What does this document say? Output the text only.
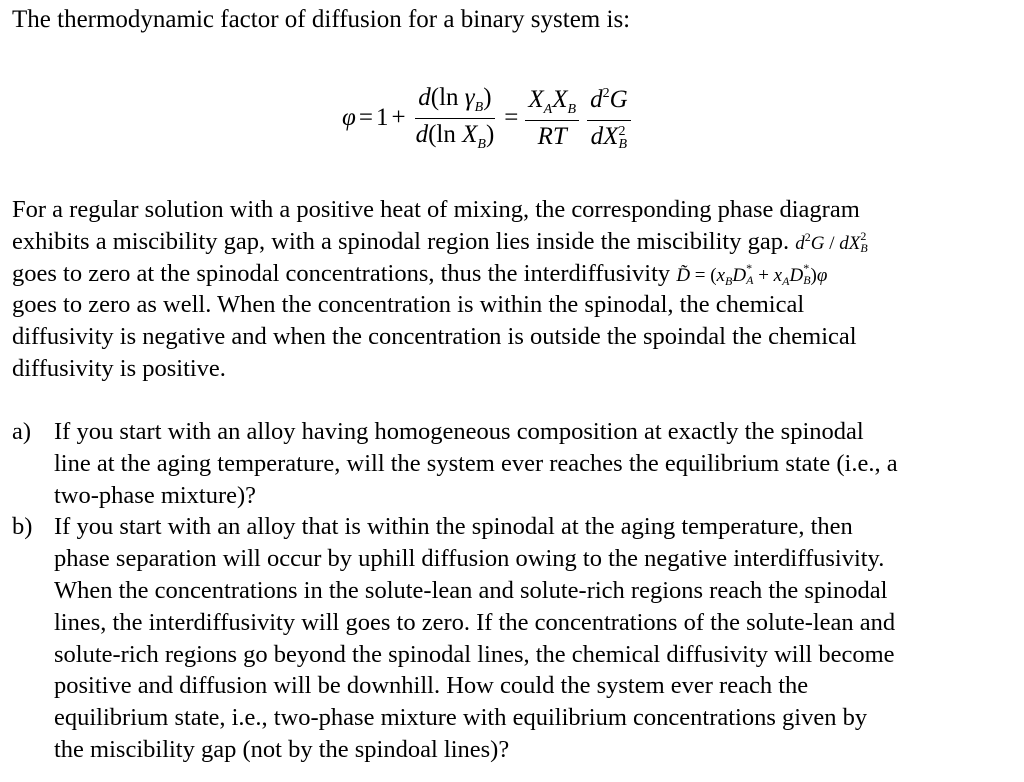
The thermodynamic factor of diffusion for a binary system is:
$\varphi = 1 + \frac{d(\ln \gamma_B)}{d(\ln X_B)} = \frac{X_AX_B}{RT} d^2G$
dX 2
B
For a regular solution with a positive heat of mixing, the corresponding phase diagram
exhibits a miscibility gap, with a spinodal region lies inside the miscibility gap. $d^2G$ / dX 2
B
goes to zero at the spinodal concentrations, thus the interdiffusivity D̃ = ($x_BD$ *
$A + x_AD$ *
B )φ
goes to zero as well. When the concentration is within the spinodal, the chemical
diffusivity is negative and when the concentration is outside the spoindal the chemical
diffusivity is positive.
a) If you start with an alloy having homogeneous composition at exactly the spinodal
line at the aging temperature, will the system ever reaches the equilibrium state (i.e., a
two-phase mixture)?
b) If you start with an alloy that is within the spinodal at the aging temperature, then
phase separation will occur by uphill diffusion owing to the negative interdiffusivity.
When the concentrations in the solute-lean and solute-rich regions reach the spinodal
lines, the interdiffusivity will goes to zero. If the concentrations of the solute-lean and
solute-rich regions go beyond the spinodal lines, the chemical diffusivity will become
positive and diffusion will be downhill. How could the system ever reach the
equilibrium state, i.e., two-phase mixture with equilibrium concentrations given by
the miscibility gap (not by the spindoal lines)?
